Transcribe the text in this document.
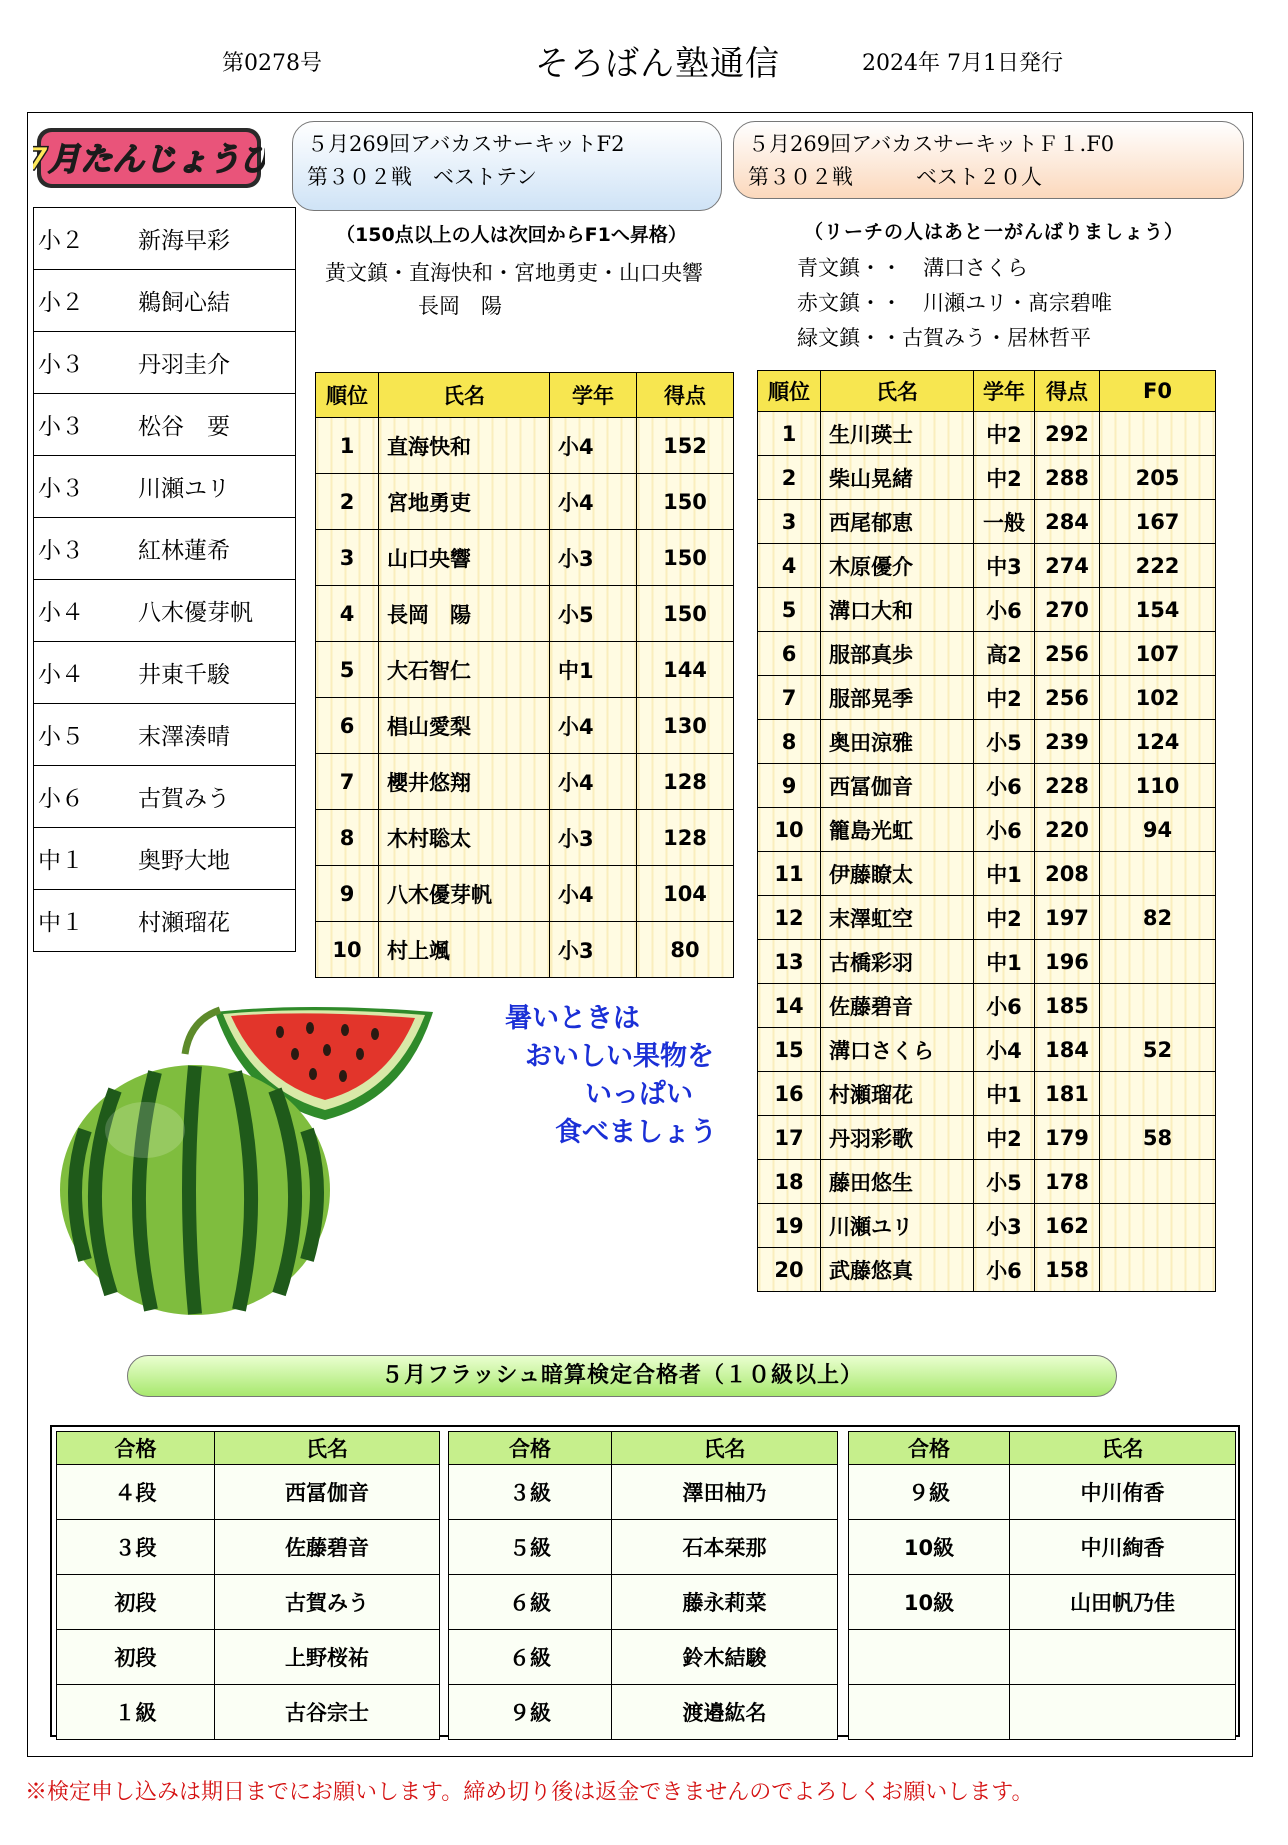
第0278号	そろばん塾通信	2024年 7月1日発行
7月たんじょうび
小２	新海早彩
小２	鵜飼心結
小３	丹羽圭介
小３	松谷　要
小３	川瀬ユリ
小３	紅林蓮希
小４	八木優芽帆
小４	井東千駿
小５	末澤湊晴
小６	古賀みう
中１	奥野大地
中１	村瀬瑠花
５月269回アバカスサーキットF2
第３０２戦　ベストテン
５月269回アバカスサーキットＦ１.F0
第３０２戦　　　ベスト２０人
（150点以上の人は次回からF1へ昇格）
黄文鎮・直海快和・宮地勇吏・山口央響
長岡　陽
（リーチの人はあと一がんばりましょう）
青文鎮・・　溝口さくら
赤文鎮・・　川瀬ユリ・髙宗碧唯
緑文鎮・・古賀みう・居林哲平
順位	氏名	学年	得点
1	直海快和	小4	152
2	宮地勇吏	小4	150
3	山口央響	小3	150
4	長岡　陽	小5	150
5	大石智仁	中1	144
6	椙山愛梨	小4	130
7	櫻井悠翔	小4	128
8	木村聡太	小3	128
9	八木優芽帆	小4	104
10	村上颯	小3	80
順位	氏名	学年	得点	F0
1	生川瑛士	中2	292	
2	柴山晃緒	中2	288	205
3	西尾郁恵	一般	284	167
4	木原優介	中3	274	222
5	溝口大和	小6	270	154
6	服部真歩	高2	256	107
7	服部晃季	中2	256	102
8	奥田涼雅	小5	239	124
9	西冨伽音	小6	228	110
10	籠島光虹	小6	220	94
11	伊藤瞭太	中1	208	
12	末澤虹空	中2	197	82
13	古橋彩羽	中1	196	
14	佐藤碧音	小6	185	
15	溝口さくら	小4	184	52
16	村瀬瑠花	中1	181	
17	丹羽彩歌	中2	179	58
18	藤田悠生	小5	178	
19	川瀬ユリ	小3	162	
20	武藤悠真	小6	158	
暑いときは
おいしい果物を
いっぱい
食べましょう
５月フラッシュ暗算検定合格者（１０級以上）
合格	氏名
４段	西冨伽音
３段	佐藤碧音
初段	古賀みう
初段	上野桜祐
１級	古谷宗士
合格	氏名
３級	澤田柚乃
５級	石本栞那
６級	藤永莉菜
６級	鈴木結駿
９級	渡邉紘名
合格	氏名
９級	中川侑香
10級	中川絢香
10級	山田帆乃佳

※検定申し込みは期日までにお願いします。締め切り後は返金できませんのでよろしくお願いします。
